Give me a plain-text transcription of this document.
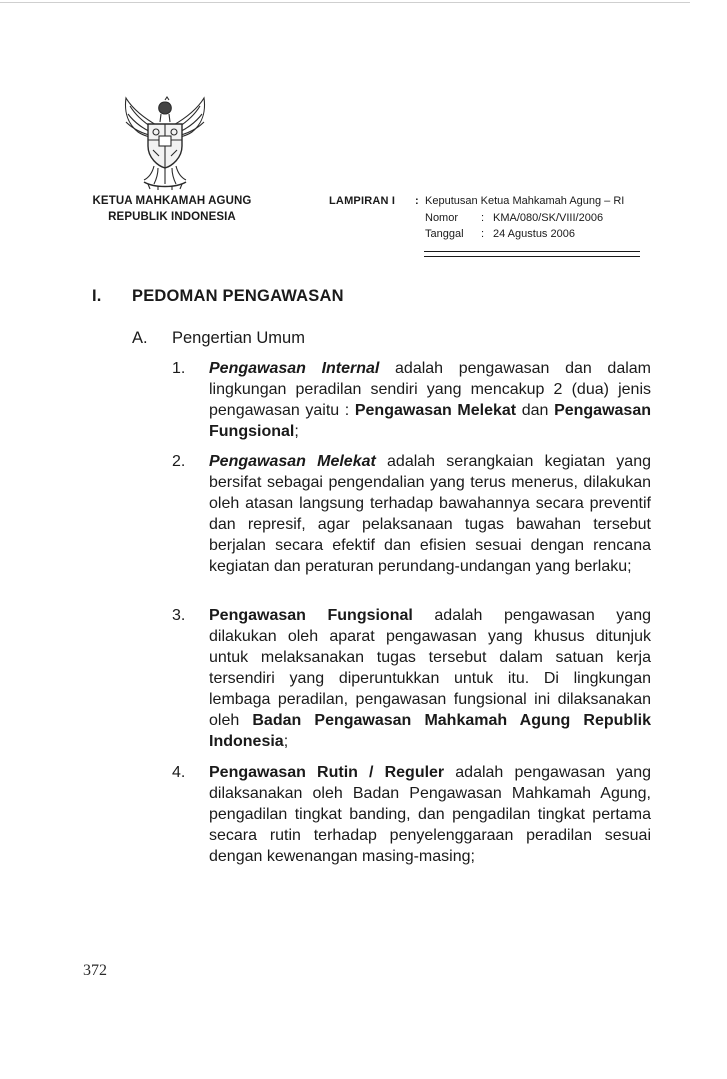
KETUA MAHKAMAH AGUNG
REPUBLIK INDONESIA
LAMPIRAN I : Keputusan Ketua Mahkamah Agung – RI
Nomor : KMA/080/SK/VIII/2006
Tanggal : 24 Agustus 2006
I. PEDOMAN PENGAWASAN
A. Pengertian Umum
1. Pengawasan Internal adalah pengawasan dan dalam lingkungan peradilan sendiri yang mencakup 2 (dua) jenis pengawasan yaitu : Pengawasan Melekat dan Pengawasan Fungsional;
2. Pengawasan Melekat adalah serangkaian kegiatan yang bersifat sebagai pengendalian yang terus menerus, dilakukan oleh atasan langsung terhadap bawahannya secara preventif dan represif, agar pelaksanaan tugas bawahan tersebut berjalan secara efektif dan efisien sesuai dengan rencana kegiatan dan peraturan perundang-undangan yang berlaku;
3. Pengawasan Fungsional adalah pengawasan yang dilakukan oleh aparat pengawasan yang khusus ditunjuk untuk melaksanakan tugas tersebut dalam satuan kerja tersendiri yang diperuntukkan untuk itu. Di lingkungan lembaga peradilan, pengawasan fungsional ini dilaksanakan oleh Badan Pengawasan Mahkamah Agung Republik Indonesia;
4. Pengawasan Rutin / Reguler adalah pengawasan yang dilaksanakan oleh Badan Pengawasan Mahkamah Agung, pengadilan tingkat banding, dan pengadilan tingkat pertama secara rutin terhadap penyelenggaraan peradilan sesuai dengan kewenangan masing-masing;
372
